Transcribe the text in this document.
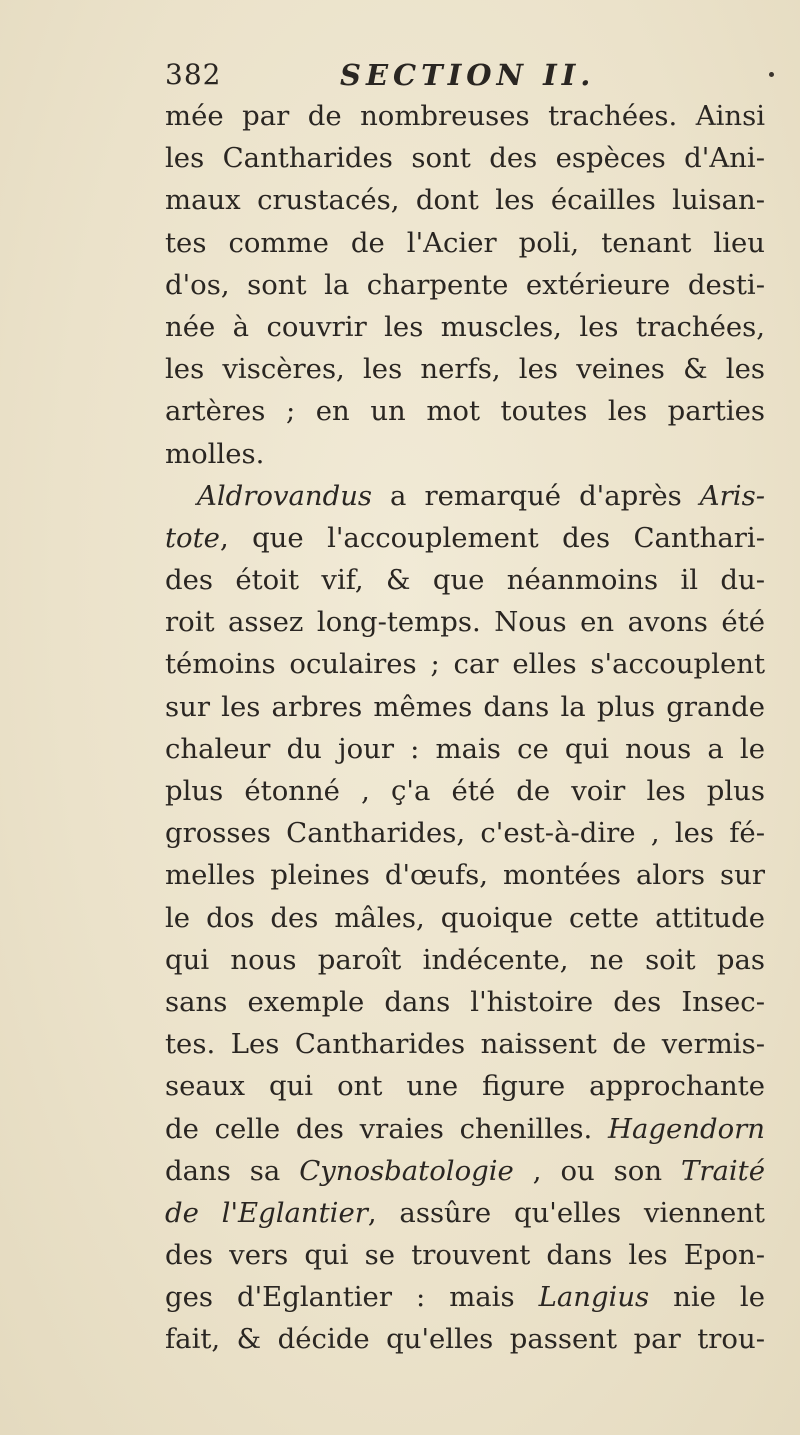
382	SECTION II.
mée par de nombreuses trachées. Ainsi
les Cantharides sont des espèces d'Ani-
maux crustacés, dont les écailles luisan-
tes comme de l'Acier poli, tenant lieu
d'os, sont la charpente extérieure desti-
née à couvrir les muscles, les trachées,
les viscères, les nerfs, les veines & les
artères ; en un mot toutes les parties
molles.
Aldrovandus a remarqué d'après Aris-
tote, que l'accouplement des Canthari-
des étoit vif, & que néanmoins il du-
roit assez long-temps. Nous en avons été
témoins oculaires ; car elles s'accouplent
sur les arbres mêmes dans la plus grande
chaleur du jour : mais ce qui nous a le
plus étonné , ç'a été de voir les plus
grosses Cantharides, c'est-à-dire , les fé-
melles pleines d'œufs, montées alors sur
le dos des mâles, quoique cette attitude
qui nous paroît indécente, ne soit pas
sans exemple dans l'histoire des Insec-
tes. Les Cantharides naissent de vermis-
seaux qui ont une figure approchante
de celle des vraies chenilles. Hagendorn
dans sa Cynosbatologie , ou son Traité
de l'Eglantier, assûre qu'elles viennent
des vers qui se trouvent dans les Epon-
ges d'Eglantier : mais Langius nie le
fait, & décide qu'elles passent par trou-
